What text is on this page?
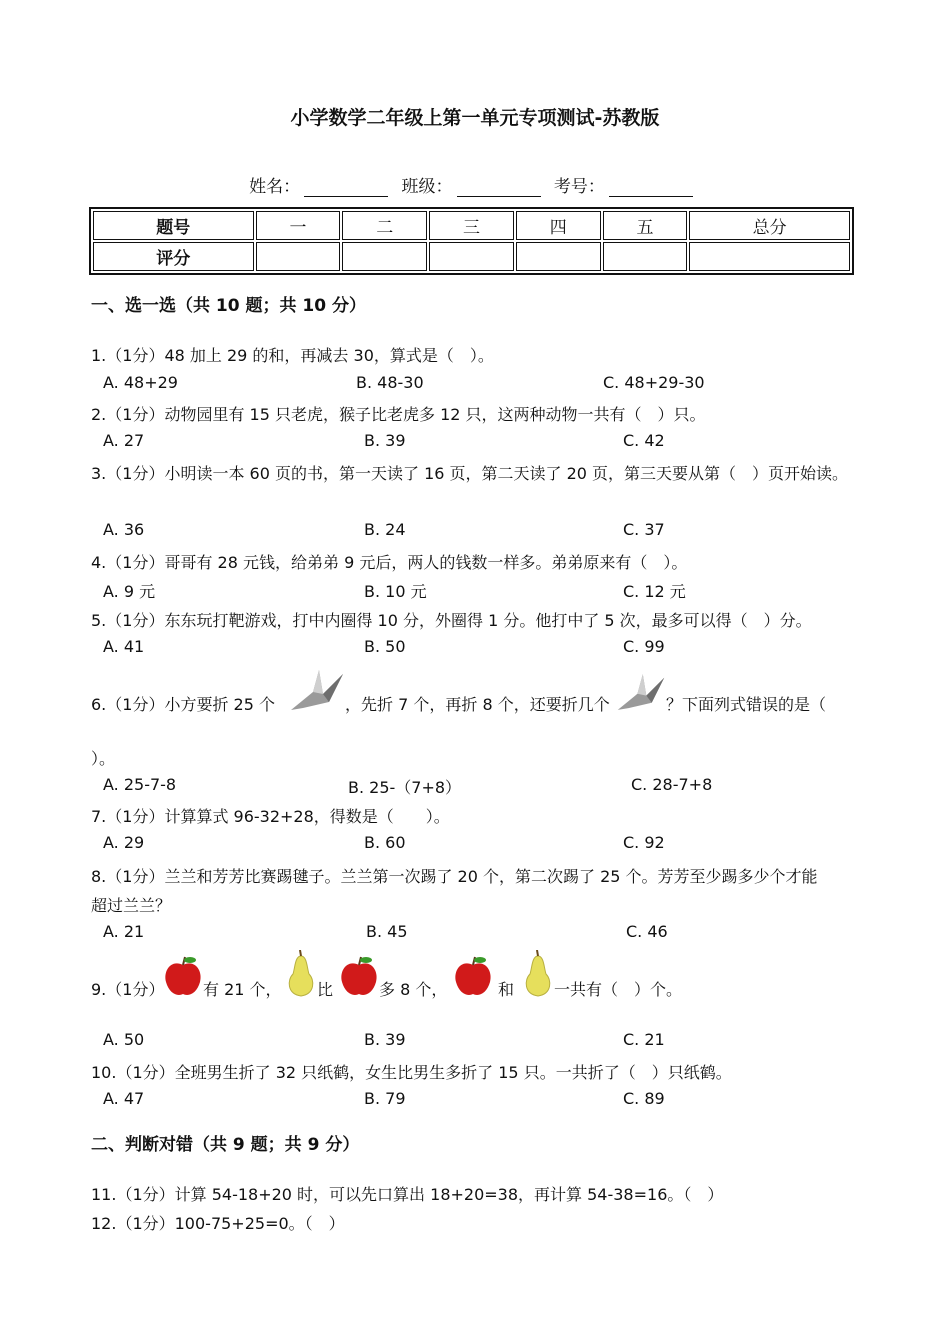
小学数学二年级上第一单元专项测试-苏教版
姓名：	班级：	考号：
题号	一	二	三	四	五	总分
评分						
一、选一选（共 10 题；共 10 分）
1.（1分）48 加上 29 的和，再减去 30，算式是（　）。
A. 48+29	B. 48-30	C. 48+29-30
2.（1分）动物园里有 15 只老虎，猴子比老虎多 12 只，这两种动物一共有（　）只。
A. 27	B. 39	C. 42
3.（1分）小明读一本 60 页的书，第一天读了 16 页，第二天读了 20 页，第三天要从第（　）页开始读。
A. 36	B. 24	C. 37
4.（1分）哥哥有 28 元钱，给弟弟 9 元后，两人的钱数一样多。弟弟原来有（　）。
A. 9 元	B. 10 元	C. 12 元
5.（1分）东东玩打靶游戏，打中内圈得 10 分，外圈得 1 分。他打中了 5 次，最多可以得（　）分。
A. 41	B. 50	C. 99
6.（1分）小方要折 25 个	，先折 7 个，再折 8 个，还要折几个	？下面列式错误的是（
）。
A. 25-7-8	B. 25-（7+8）	C. 28-7+8
7.（1分）计算算式 96-32+28，得数是（　　）。
A. 29	B. 60	C. 92
8.（1分）兰兰和芳芳比赛踢毽子。兰兰第一次踢了 20 个，第二次踢了 25 个。芳芳至少踢多少个才能
超过兰兰？
A. 21	B. 45	C. 46
9.（1分） 有 21 个， 比	多 8 个，	和 一共有（　）个。
A. 50	B. 39	C. 21
10.（1分）全班男生折了 32 只纸鹤，女生比男生多折了 15 只。一共折了（　）只纸鹤。
A. 47	B. 79	C. 89
二、判断对错（共 9 题；共 9 分）
11.（1分）计算 54-18+20 时，可以先口算出 18+20=38，再计算 54-38=16。（　）
12.（1分）100-75+25=0。（　）
